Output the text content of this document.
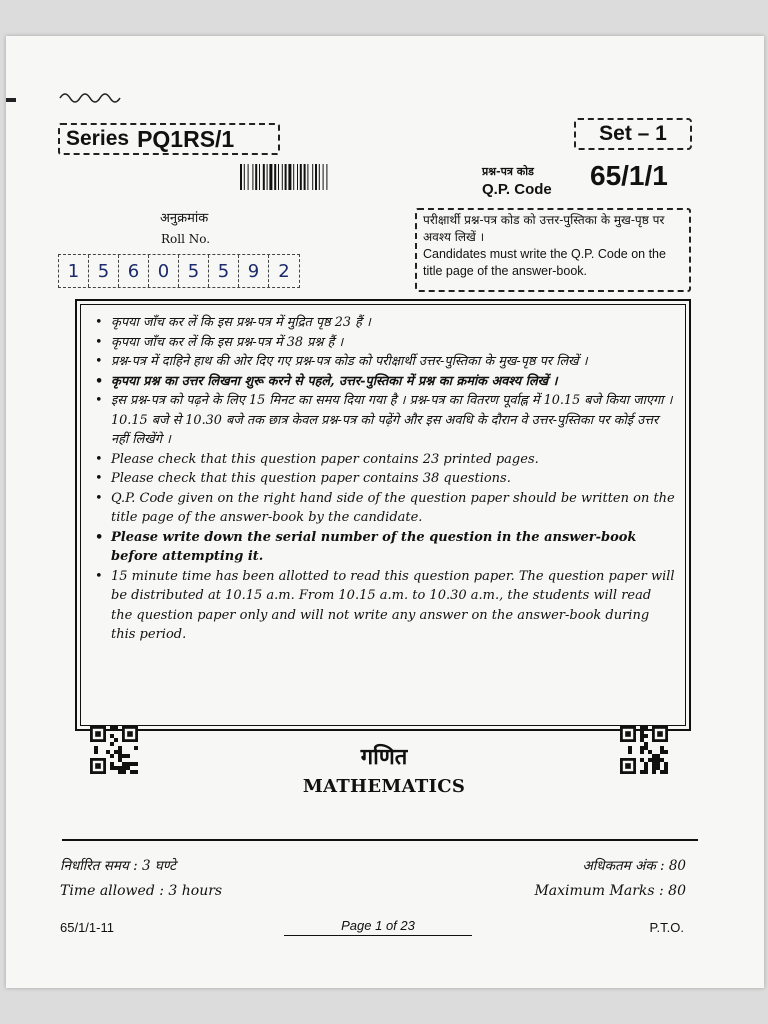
Series PQ1RS/1	Set – 1
प्रश्न-पत्र कोड
Q.P. Code 65/1/1
अनुक्रमांक
Roll No.
1	5	6	0	5	5	9	2
परीक्षार्थी प्रश्न-पत्र कोड को उत्तर-पुस्तिका के मुख-पृष्ठ पर अवश्य लिखें ।
Candidates must write the Q.P. Code on the title page of the answer-book.
• कृपया जाँच कर लें कि इस प्रश्न-पत्र में मुद्रित पृष्ठ 23 हैं ।
• कृपया जाँच कर लें कि इस प्रश्न-पत्र में 38 प्रश्न हैं ।
• प्रश्न-पत्र में दाहिने हाथ की ओर दिए गए प्रश्न-पत्र कोड को परीक्षार्थी उत्तर-पुस्तिका के मुख-पृष्ठ पर लिखें ।
• कृपया प्रश्न का उत्तर लिखना शुरू करने से पहले, उत्तर-पुस्तिका में प्रश्न का क्रमांक अवश्य लिखें ।
• इस प्रश्न-पत्र को पढ़ने के लिए 15 मिनट का समय दिया गया है । प्रश्न-पत्र का वितरण पूर्वाह्न में 10.15 बजे किया जाएगा । 10.15 बजे से 10.30 बजे तक छात्र केवल प्रश्न-पत्र को पढ़ेंगे और इस अवधि के दौरान वे उत्तर-पुस्तिका पर कोई उत्तर नहीं लिखेंगे ।
• Please check that this question paper contains 23 printed pages.
• Please check that this question paper contains 38 questions.
• Q.P. Code given on the right hand side of the question paper should be written on the title page of the answer-book by the candidate.
• Please write down the serial number of the question in the answer-book before attempting it.
• 15 minute time has been allotted to read this question paper. The question paper will be distributed at 10.15 a.m. From 10.15 a.m. to 10.30 a.m., the students will read the question paper only and will not write any answer on the answer-book during this period.
गणित
MATHEMATICS
निर्धारित समय : 3 घण्टे
Time allowed : 3 hours
अधिकतम अंक : 80
Maximum Marks : 80
65/1/1-11	Page 1 of 23	P.T.O.
